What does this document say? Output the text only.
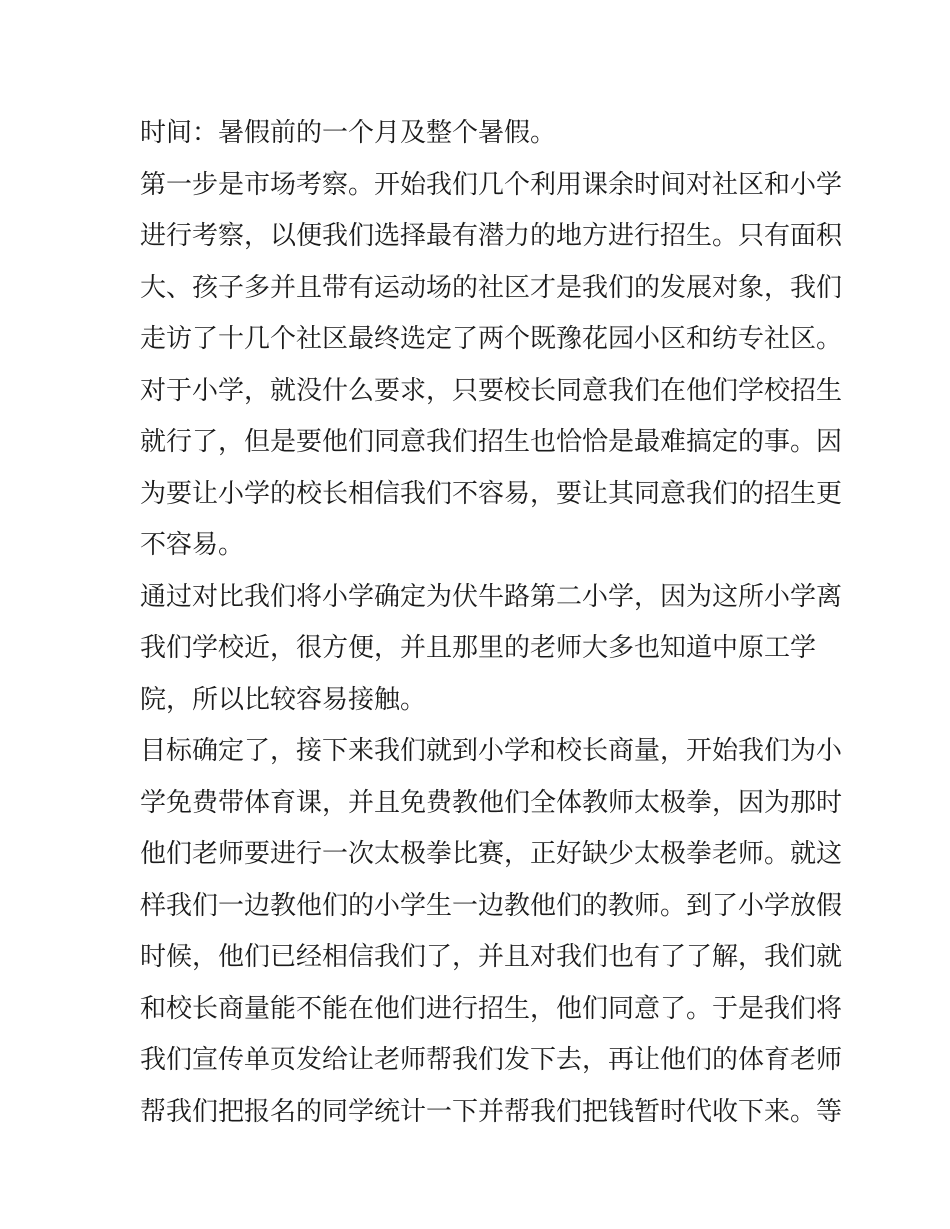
时间：暑假前的一个月及整个暑假。
第一步是市场考察。开始我们几个利用课余时间对社区和小学
进行考察，以便我们选择最有潜力的地方进行招生。只有面积
大、孩子多并且带有运动场的社区才是我们的发展对象，我们
走访了十几个社区最终选定了两个既豫花园小区和纺专社区。
对于小学，就没什么要求，只要校长同意我们在他们学校招生
就行了，但是要他们同意我们招生也恰恰是最难搞定的事。因
为要让小学的校长相信我们不容易，要让其同意我们的招生更
不容易。
通过对比我们将小学确定为伏牛路第二小学，因为这所小学离
我们学校近，很方便，并且那里的老师大多也知道中原工学
院，所以比较容易接触。
目标确定了，接下来我们就到小学和校长商量，开始我们为小
学免费带体育课，并且免费教他们全体教师太极拳，因为那时
他们老师要进行一次太极拳比赛，正好缺少太极拳老师。就这
样我们一边教他们的小学生一边教他们的教师。到了小学放假
时候，他们已经相信我们了，并且对我们也有了了解，我们就
和校长商量能不能在他们进行招生，他们同意了。于是我们将
我们宣传单页发给让老师帮我们发下去，再让他们的体育老师
帮我们把报名的同学统计一下并帮我们把钱暂时代收下来。等
